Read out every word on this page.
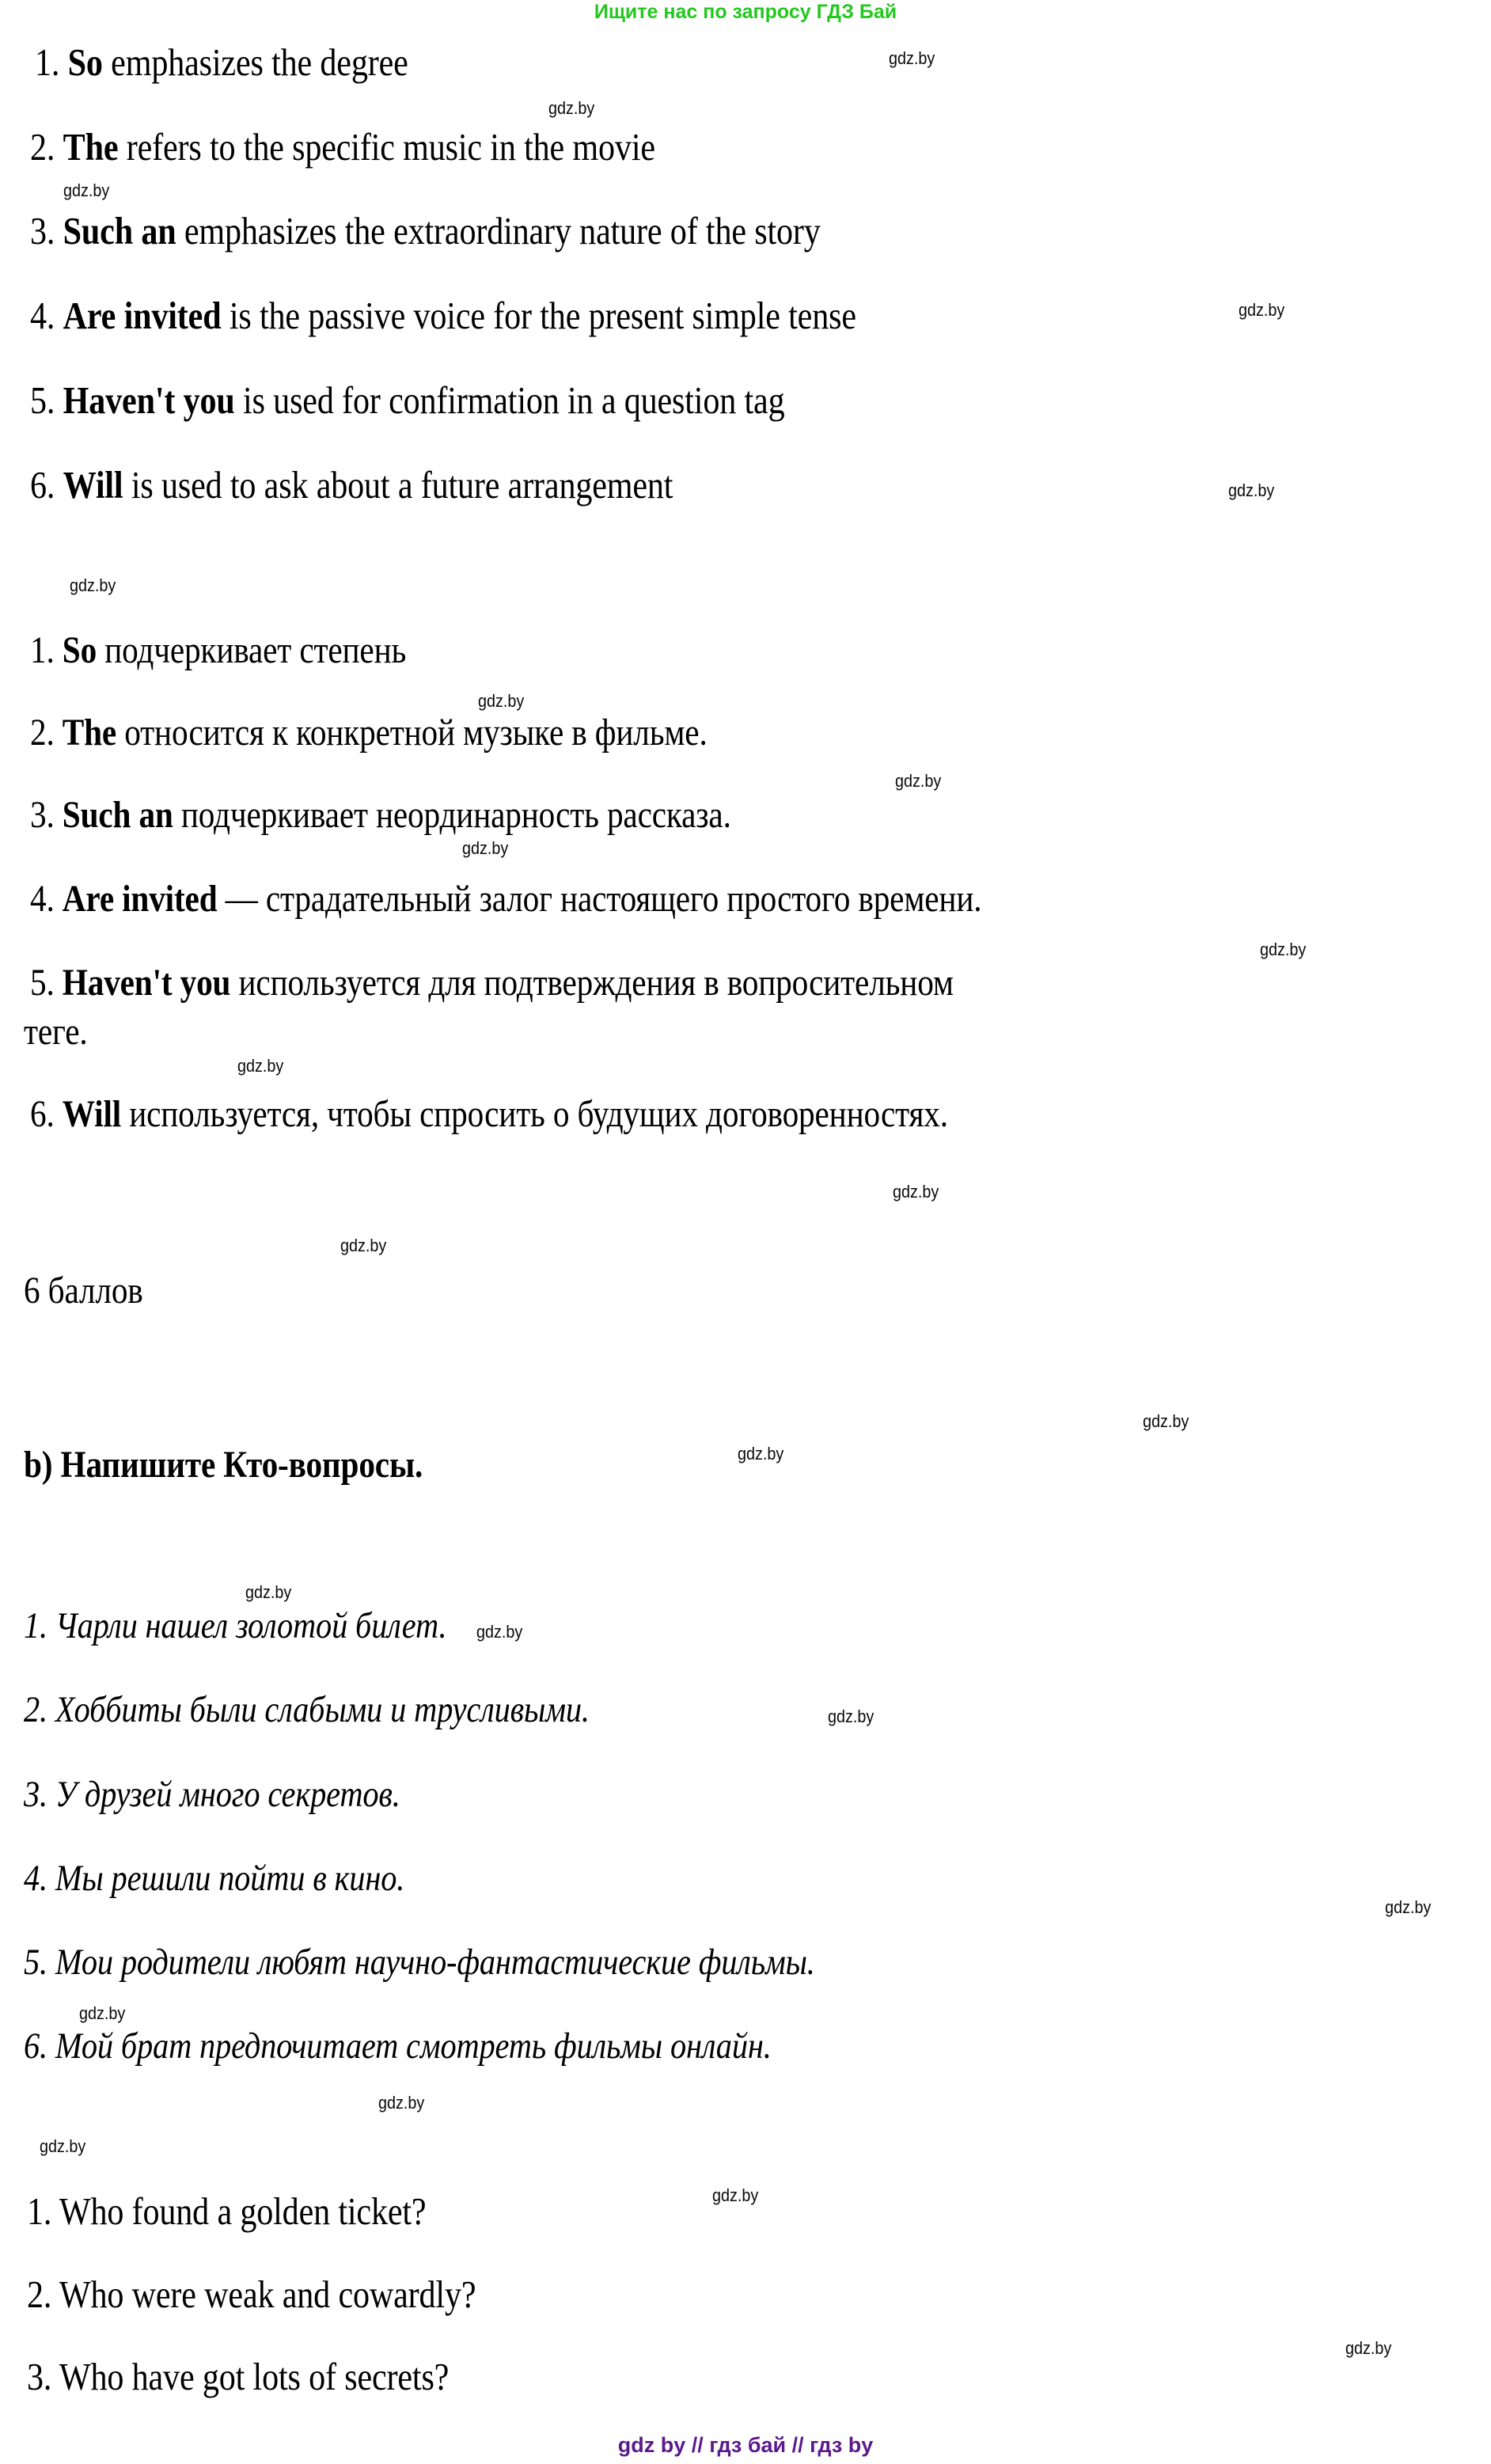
Ищите нас по запросу ГДЗ Бай
1. So emphasizes the degree
2. The refers to the specific music in the movie
3. Such an emphasizes the extraordinary nature of the story
4. Are invited is the passive voice for the present simple tense
5. Haven't you is used for confirmation in a question tag
6. Will is used to ask about a future arrangement
1. So подчеркивает степень
2. The относится к конкретной музыке в фильме.
3. Such an подчеркивает неординарность рассказа.
4. Are invited — страдательный залог настоящего простого времени.
5. Haven't you используется для подтверждения в вопросительном
теге.
6. Will используется, чтобы спросить о будущих договоренностях.
6 баллов
b) Напишите Кто-вопросы.
1. Чарли нашел золотой билет.
2. Хоббиты были слабыми и трусливыми.
3. У друзей много секретов.
4. Мы решили пойти в кино.
5. Мои родители любят научно-фантастические фильмы.
6. Мой брат предпочитает смотреть фильмы онлайн.
1. Who found a golden ticket?
2. Who were weak and cowardly?
3. Who have got lots of secrets?
gdz.by
gdz.by
gdz.by
gdz.by
gdz.by
gdz.by
gdz.by
gdz.by
gdz.by
gdz.by
gdz.by
gdz.by
gdz.by
gdz.by
gdz.by
gdz.by
gdz.by
gdz.by
gdz.by
gdz.by
gdz.by
gdz.by
gdz.by
gdz.by
gdz by // гдз бай // гдз by
